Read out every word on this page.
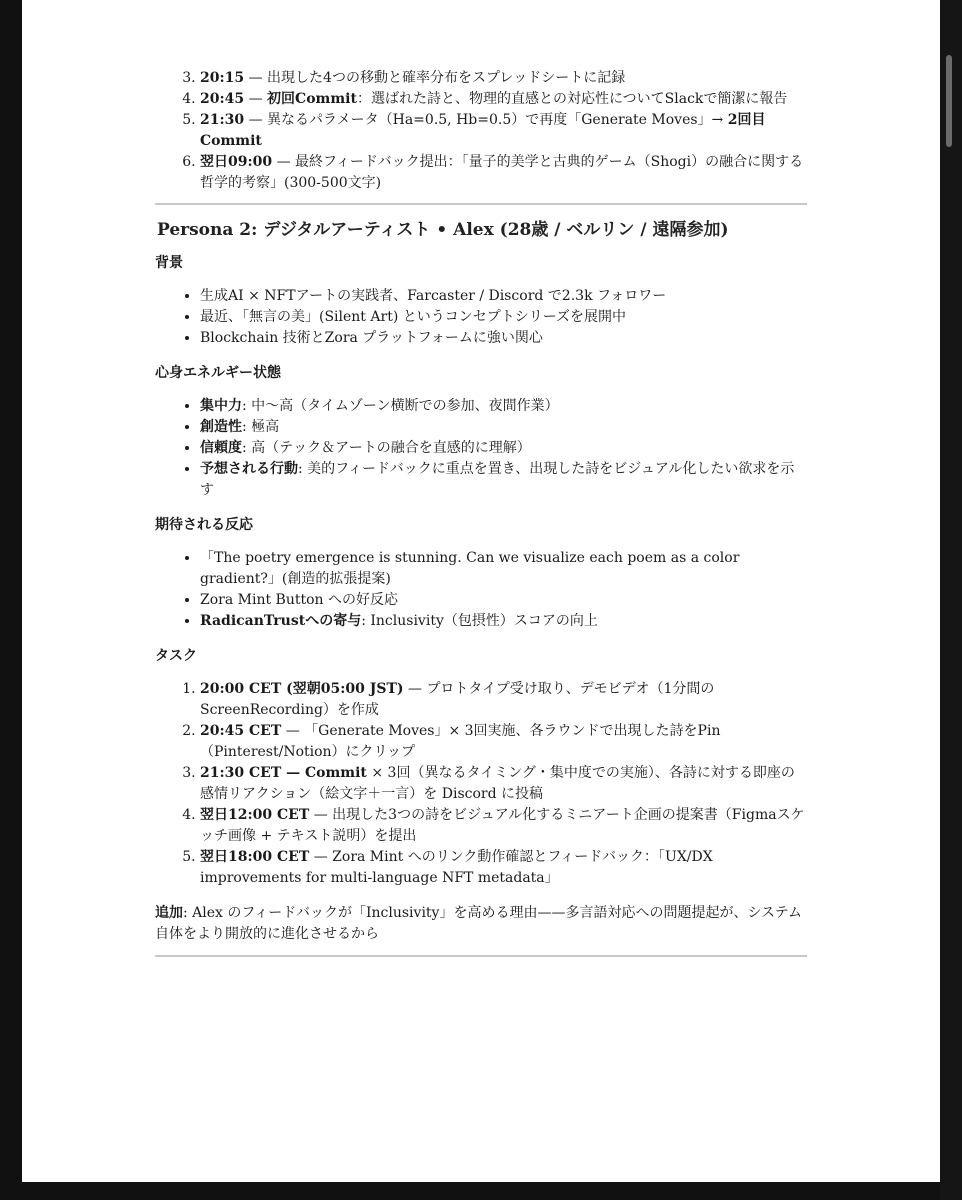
3. 20:15 — 出現した4つの移動と確率分布をスプレッドシートに記録
4. 20:45 — 初回Commit：選ばれた詩と、物理的直感との対応性についてSlackで簡潔に報告
5. 21:30 — 異なるパラメータ（Ha=0.5, Hb=0.5）で再度「Generate Moves」→ 2回目 Commit
6. 翌日09:00 — 最終フィードバック提出：「量子的美学と古典的ゲーム（Shogi）の融合に関する哲学的考察」(300-500文字)
Persona 2: デジタルアーティスト • Alex (28歳 / ベルリン / 遠隔参加)
背景
• 生成AI × NFTアートの実践者、Farcaster / Discord で2.3k フォロワー
• 最近、「無言の美」(Silent Art) というコンセプトシリーズを展開中
• Blockchain 技術とZora プラットフォームに強い関心
心身エネルギー状態
• 集中力: 中〜高（タイムゾーン横断での参加、夜間作業）
• 創造性: 極高
• 信頼度: 高（テック＆アートの融合を直感的に理解）
• 予想される行動: 美的フィードバックに重点を置き、出現した詩をビジュアル化したい欲求を示す
期待される反応
• 「The poetry emergence is stunning. Can we visualize each poem as a color gradient?」(創造的拡張提案)
• Zora Mint Button への好反応
• RadicanTrustへの寄与: Inclusivity（包摂性）スコアの向上
タスク
1. 20:00 CET (翌朝05:00 JST) — プロトタイプ受け取り、デモビデオ（1分間のScreenRecording）を作成
2. 20:45 CET — 「Generate Moves」× 3回実施、各ラウンドで出現した詩をPin（Pinterest/Notion）にクリップ
3. 21:30 CET — Commit × 3回（異なるタイミング・集中度での実施）、各詩に対する即座の感情リアクション（絵文字＋一言）を Discord に投稿
4. 翌日12:00 CET — 出現した3つの詩をビジュアル化するミニアート企画の提案書（Figmaスケッチ画像 + テキスト説明）を提出
5. 翌日18:00 CET — Zora Mint へのリンク動作確認とフィードバック：「UX/DX improvements for multi-language NFT metadata」

追加: Alex のフィードバックが「Inclusivity」を高める理由——多言語対応への問題提起が、システム自体をより開放的に進化させるから
